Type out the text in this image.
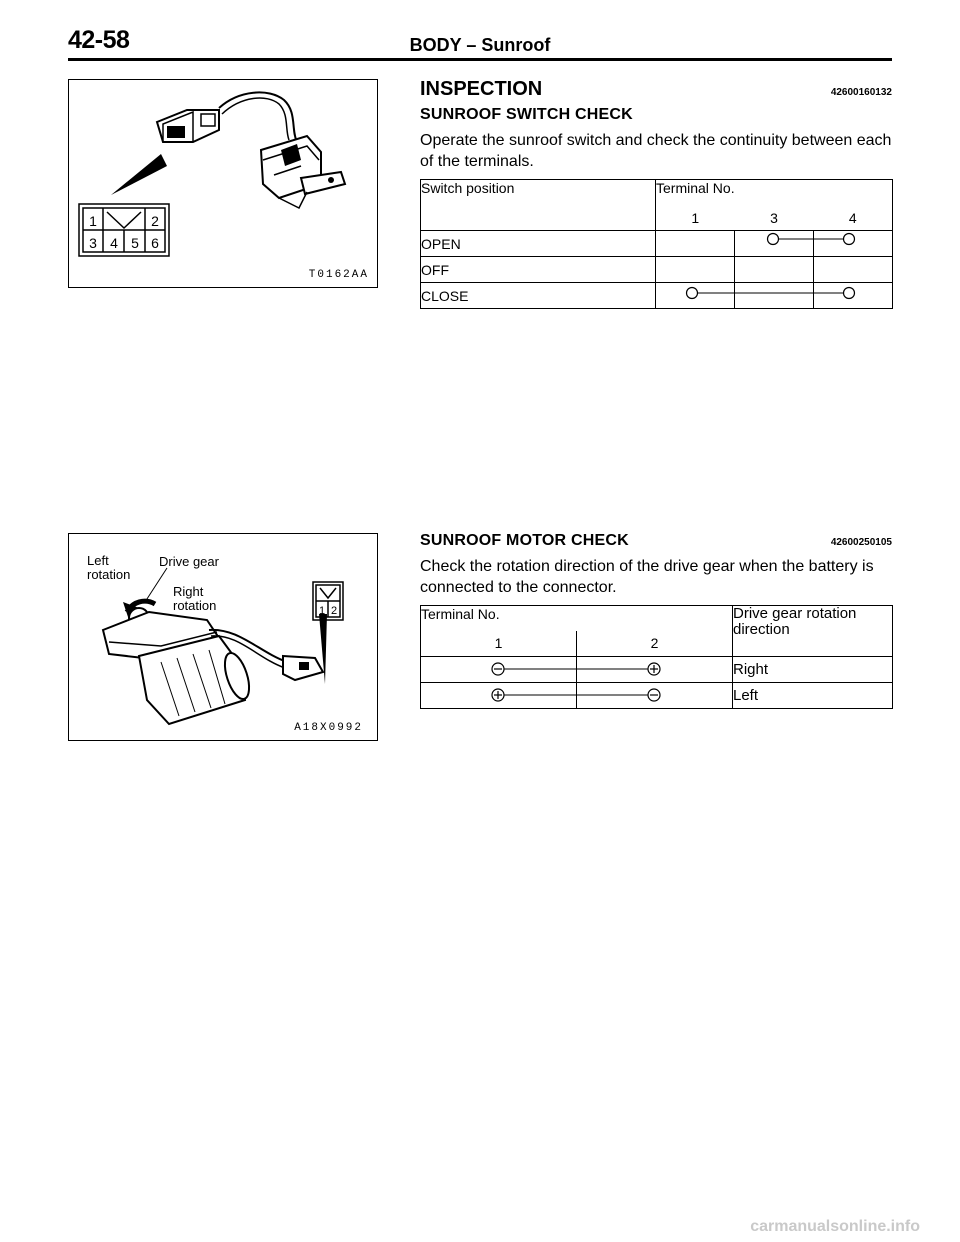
42-58	BODY – Sunroof
1	2
3 4 5 6
T0162AA
INSPECTION	42600160132
SUNROOF SWITCH CHECK
Operate the sunroof switch and check the continuity between each of the terminals.
Switch position	Terminal No.		
	1	3	4
OPEN			
OFF			
CLOSE			
1 2
Left
rotation
Drive gear
Right
rotation
A18X0992
SUNROOF MOTOR CHECK	42600250105
Check the rotation direction of the drive gear when the battery is connected to the connector.
Terminal No.		Drive gear rotation direction
1	2	
		Right
		Left
carmanualsonline.info
